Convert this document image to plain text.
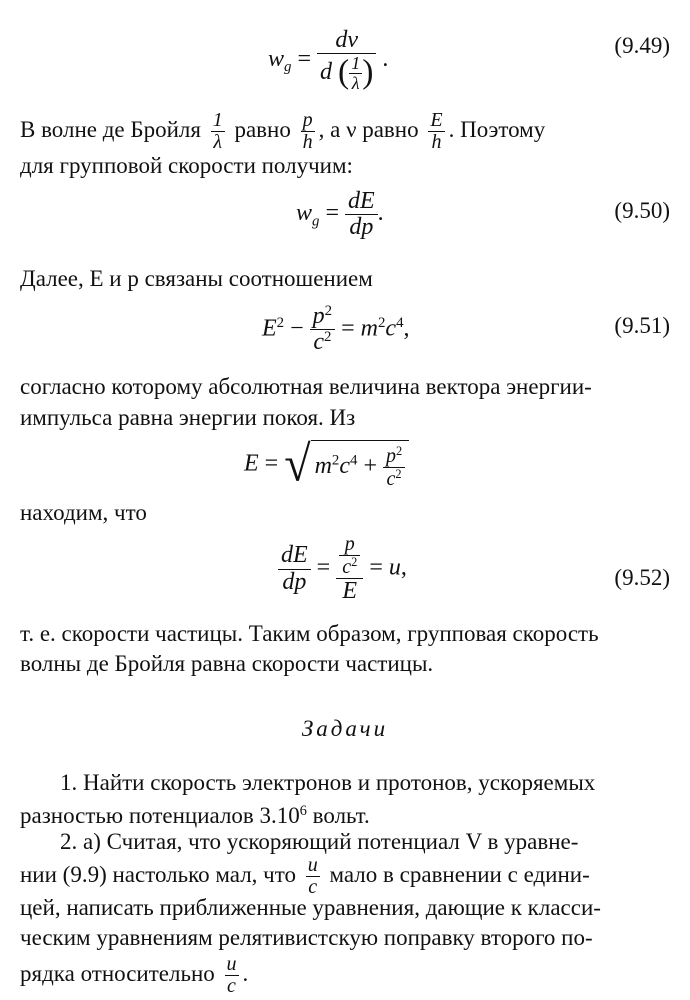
$w_g = \frac{d\nu}{d ( \frac{1}{\lambda} )}$ .
(9.49)
В волне де Бройля $\frac{1}{\lambda}$ равно $\frac{p}{h}$ , а ν равно $\frac{E}{h}$ . Поэтому
для групповой скорости получим:
$w_g = \frac{dE}{dp}$ .	(9.50)
Далее, E и p связаны соотношением
$E^2 - \frac{p^2}{c^2} = m^2c^4$,	(9.51)
согласно которому абсолютная величина вектора энергии-
импульса равна энергии покоя. Из
E = √ $m^2c^4 + \frac{p^2}{c^2}$
находим, что
$\frac{dE}{dp} = \frac{\frac{p}{c^2}}{E} = u$,	(9.52)
т. е. скорости частицы. Таким образом, групповая скорость
волны де Бройля равна скорости частицы.
Задачи
1. Найти скорость электронов и протонов, ускоряемых
разностью потенциалов 3.10$^6$ вольт.
2. а) Считая, что ускоряющий потенциал V в уравне-
нии (9.9) настолько мал, что $\frac{u}{c}$ мало в сравнении с едини-
цей, написать приближенные уравнения, дающие к класси-
ческим уравнениям релятивистскую поправку второго по-
рядка относительно $\frac{u}{c}$ .
